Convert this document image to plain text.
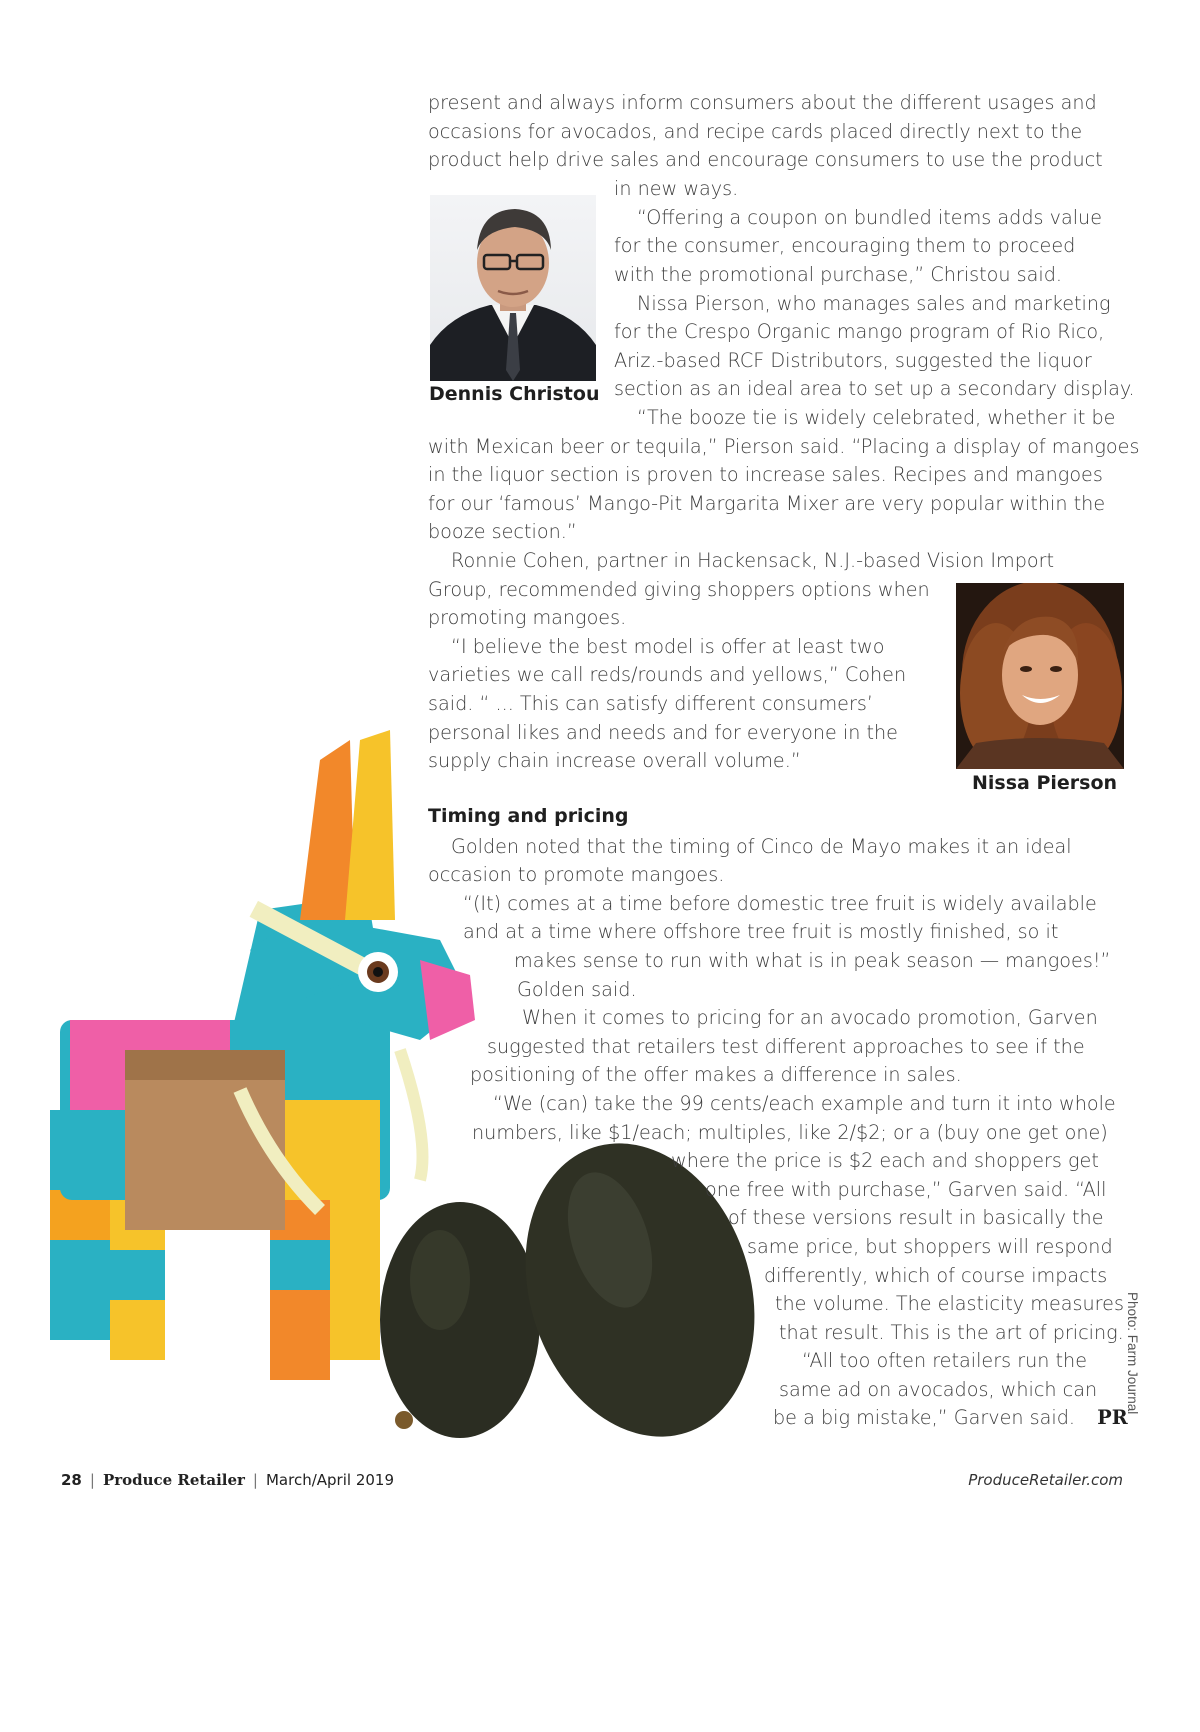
Dennis Christou
Nissa Pierson
present and always inform consumers about the different usages and
occasions for avocados, and recipe cards placed directly next to the
product help drive sales and encourage consumers to use the product
in new ways.
“Offering a coupon on bundled items adds value
for the consumer, encouraging them to proceed
with the promotional purchase,” Christou said.
Nissa Pierson, who manages sales and marketing
for the Crespo Organic mango program of Rio Rico,
Ariz.-based RCF Distributors, suggested the liquor
section as an ideal area to set up a secondary display.
“The booze tie is widely celebrated, whether it be
with Mexican beer or tequila,” Pierson said. “Placing a display of mangoes
in the liquor section is proven to increase sales. Recipes and mangoes
for our ‘famous’ Mango-Pit Margarita Mixer are very popular within the
booze section.”
Ronnie Cohen, partner in Hackensack, N.J.-based Vision Import
Group, recommended giving shoppers options when
promoting mangoes.
“I believe the best model is offer at least two
varieties we call reds/rounds and yellows,” Cohen
said. “ ... This can satisfy different consumers’
personal likes and needs and for everyone in the
supply chain increase overall volume.”
Timing and pricing
Golden noted that the timing of Cinco de Mayo makes it an ideal
occasion to promote mangoes.
“(It) comes at a time before domestic tree fruit is widely available
and at a time where offshore tree fruit is mostly finished, so it
makes sense to run with what is in peak season — mangoes!”
Golden said.
When it comes to pricing for an avocado promotion, Garven
suggested that retailers test different approaches to see if the
positioning of the offer makes a difference in sales.
“We (can) take the 99 cents/each example and turn it into whole
numbers, like $1/each; multiples, like 2/$2; or a (buy one get one)
where the price is $2 each and shoppers get
one free with purchase,” Garven said. “All
of these versions result in basically the
same price, but shoppers will respond
differently, which of course impacts
the volume. The elasticity measures
that result. This is the art of pricing.
“All too often retailers run the
same ad on avocados, which can
be a big mistake,” Garven said. PR
Photo: Farm Journal
28 | Produce Retailer | March/April 2019	ProduceRetailer.com
